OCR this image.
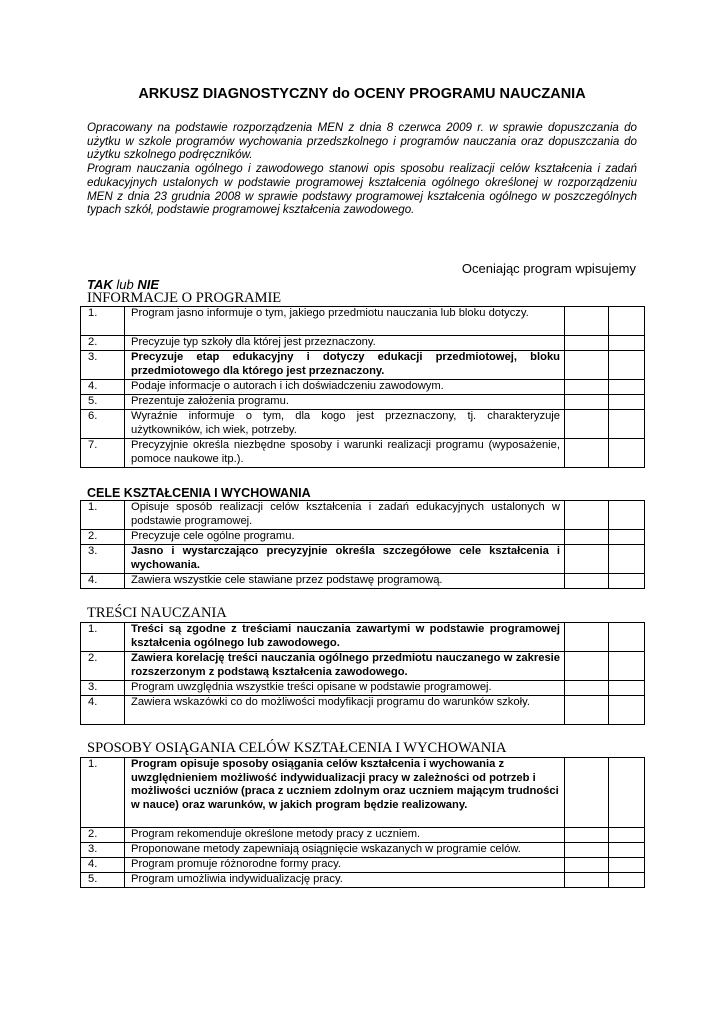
ARKUSZ DIAGNOSTYCZNY do OCENY PROGRAMU NAUCZANIA

Opracowany na podstawie rozporządzenia MEN z dnia 8 czerwca 2009 r. w sprawie dopuszczania do użytku w szkole programów wychowania przedszkolnego i programów nauczania oraz dopuszczania do użytku szkolnego podręczników.

Program nauczania ogólnego i zawodowego stanowi opis sposobu realizacji celów kształcenia i zadań edukacyjnych ustalonych w podstawie programowej kształcenia ogólnego określonej w rozporządzeniu MEN z dnia 23 grudnia 2008 w sprawie podstawy programowej kształcenia ogólnego w poszczególnych typach szkół, podstawie programowej kształcenia zawodowego.

Oceniając program wpisujemy
TAK lub NIE
INFORMACJE O PROGRAMIE
1.	Program jasno informuje o tym, jakiego przedmiotu nauczania lub bloku dotyczy.		
2.	Precyzuje typ szkoły dla której jest przeznaczony.		
3.	Precyzuje etap edukacyjny i dotyczy edukacji przedmiotowej, bloku przedmiotowego dla którego jest przeznaczony.		
4.	Podaje informacje o autorach i ich doświadczeniu zawodowym.		
5.	Prezentuje założenia programu.		
6.	Wyraźnie informuje o tym, dla kogo jest przeznaczony, tj. charakteryzuje użytkowników, ich wiek, potrzeby.		
7.	Precyzyjnie określa niezbędne sposoby i warunki realizacji programu (wyposażenie, pomoce naukowe itp.).		
CELE KSZTAŁCENIA I WYCHOWANIA
1.	Opisuje sposób realizacji celów kształcenia i zadań edukacyjnych ustalonych w podstawie programowej.		
2.	Precyzuje cele ogólne programu.		
3.	Jasno i wystarczająco precyzyjnie określa szczegółowe cele kształcenia i wychowania.		
4.	Zawiera wszystkie cele stawiane przez podstawę programową.		
TREŚCI NAUCZANIA
1.	Treści są zgodne z treściami nauczania zawartymi w podstawie programowej kształcenia ogólnego lub zawodowego.		
2.	Zawiera korelację treści nauczania ogólnego przedmiotu nauczanego w zakresie rozszerzonym z podstawą kształcenia zawodowego.		
3.	Program uwzględnia wszystkie treści opisane w podstawie programowej.		
4.	Zawiera wskazówki co do możliwości modyfikacji programu do warunków szkoły.		
SPOSOBY OSIĄGANIA CELÓW KSZTAŁCENIA I WYCHOWANIA
1.	Program opisuje sposoby osiągania celów kształcenia i wychowania z uwzględnieniem możliwość indywidualizacji pracy w zależności od potrzeb i możliwości uczniów (praca z uczniem zdolnym oraz uczniem mającym trudności w nauce) oraz warunków, w jakich program będzie realizowany.		
2.	Program rekomenduje określone metody pracy z uczniem.		
3.	Proponowane metody zapewniają osiągnięcie wskazanych w programie celów.		
4.	Program promuje różnorodne formy pracy.		
5.	Program umożliwia indywidualizację pracy.		
